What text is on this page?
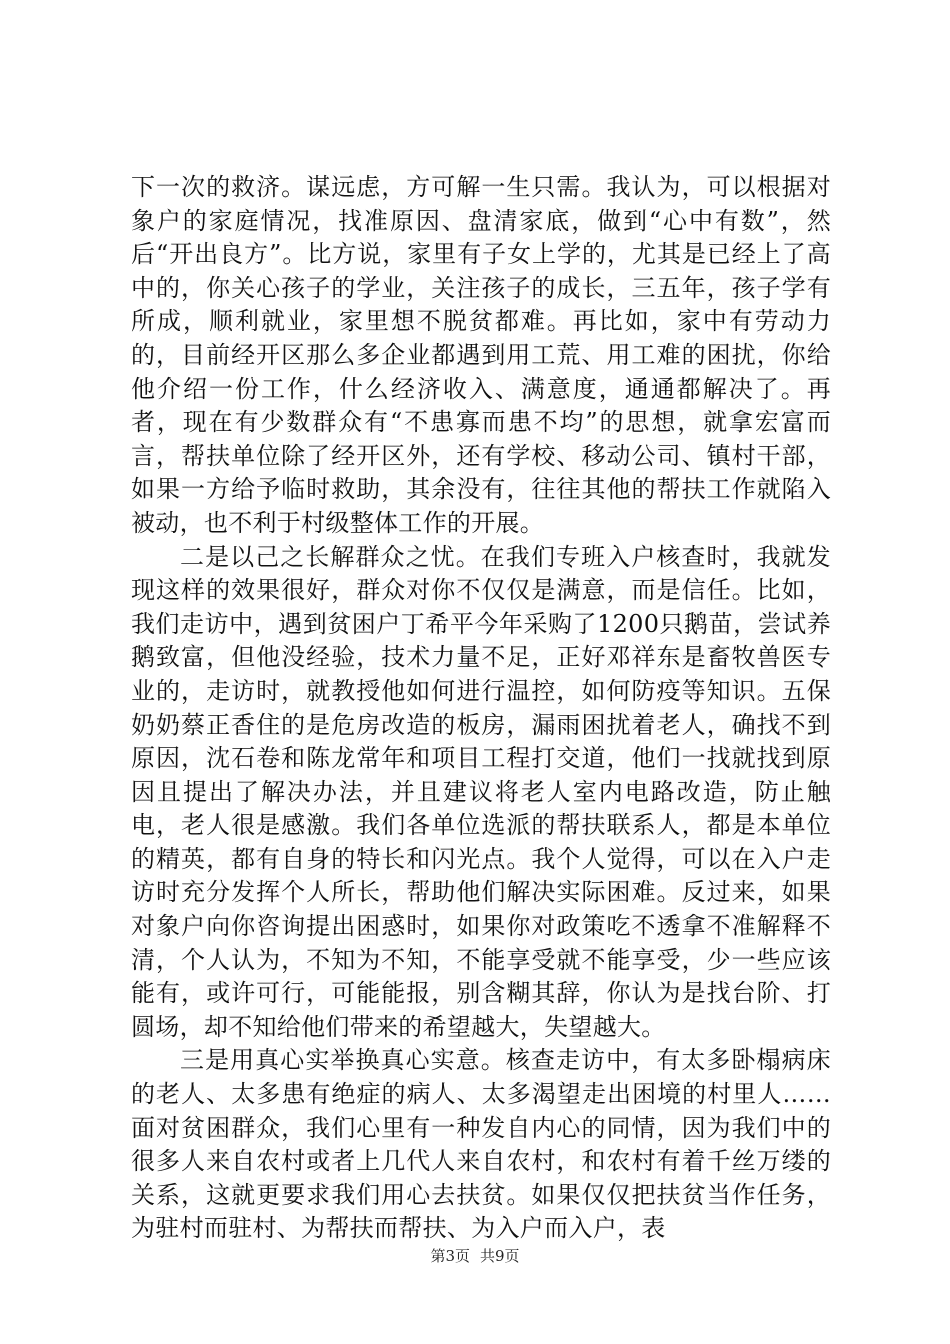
下一次的救济。谋远虑，方可解一生只需。我认为，可以根据对象户的家庭情况，找准原因、盘清家底，做到“心中有数”，然后“开出良方”。比方说，家里有子女上学的，尤其是已经上了高中的，你关心孩子的学业，关注孩子的成长，三五年，孩子学有所成，顺利就业，家里想不脱贫都难。再比如，家中有劳动力的，目前经开区那么多企业都遇到用工荒、用工难的困扰，你给他介绍一份工作，什么经济收入、满意度，通通都解决了。再者，现在有少数群众有“不患寡而患不均”的思想，就拿宏富而言，帮扶单位除了经开区外，还有学校、移动公司、镇村干部，如果一方给予临时救助，其余没有，往往其他的帮扶工作就陷入被动，也不利于村级整体工作的开展。

二是以己之长解群众之忧。在我们专班入户核查时，我就发现这样的效果很好，群众对你不仅仅是满意，而是信任。比如，我们走访中，遇到贫困户丁希平今年采购了1200只鹅苗，尝试养鹅致富，但他没经验，技术力量不足，正好邓祥东是畜牧兽医专业的，走访时，就教授他如何进行温控，如何防疫等知识。五保奶奶蔡正香住的是危房改造的板房，漏雨困扰着老人，确找不到原因，沈石卷和陈龙常年和项目工程打交道，他们一找就找到原因且提出了解决办法，并且建议将老人室内电路改造，防止触电，老人很是感激。我们各单位选派的帮扶联系人，都是本单位的精英，都有自身的特长和闪光点。我个人觉得，可以在入户走访时充分发挥个人所长，帮助他们解决实际困难。反过来，如果对象户向你咨询提出困惑时，如果你对政策吃不透拿不准解释不清，个人认为，不知为不知，不能享受就不能享受，少一些应该能有，或许可行，可能能报，别含糊其辞，你认为是找台阶、打圆场，却不知给他们带来的希望越大，失望越大。

三是用真心实举换真心实意。核查走访中，有太多卧榻病床的老人、太多患有绝症的病人、太多渴望走出困境的村里人……面对贫困群众，我们心里有一种发自内心的同情，因为我们中的很多人来自农村或者上几代人来自农村，和农村有着千丝万缕的关系，这就更要求我们用心去扶贫。如果仅仅把扶贫当作任务，为驻村而驻村、为帮扶而帮扶、为入户而入户，表

第3页 共9页
